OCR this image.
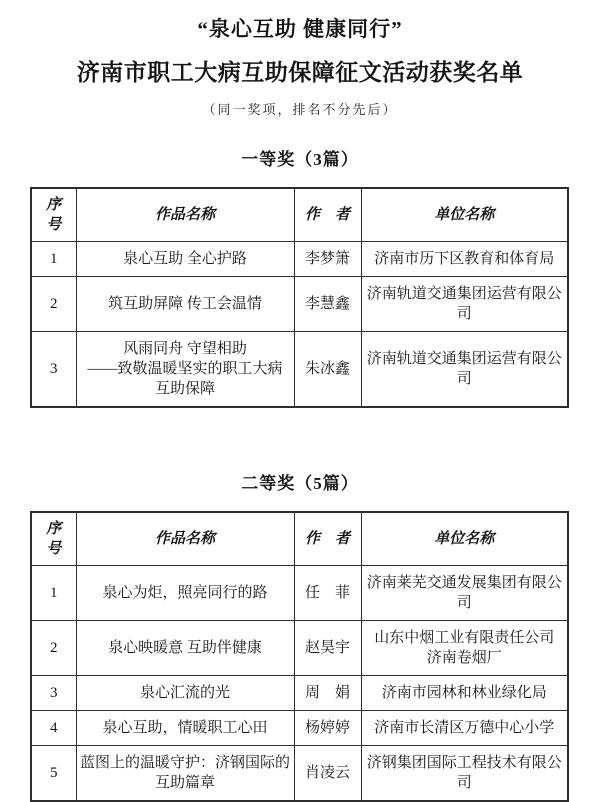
“泉心互助 健康同行”
济南市职工大病互助保障征文活动获奖名单
（同一奖项，排名不分先后）
一等奖（3篇）
序　号	作品名称	作　者	单位名称

1	泉心互助 全心护路	李梦箫	济南市历下区教育和体育局

2	筑互助屏障 传工会温情	李慧鑫	济南轨道交通集团运营有限公司

3	风雨同舟 守望相助
——致敬温暖坚实的职工大病
互助保障	朱冰鑫	济南轨道交通集团运营有限公司
二等奖（5篇）
序　号	作品名称	作　者	单位名称

1	泉心为炬，照亮同行的路	任　菲	济南莱芜交通发展集团有限公司

2	泉心映暖意 互助伴健康	赵昊宇	山东中烟工业有限责任公司
济南卷烟厂

3	泉心汇流的光	周　娟	济南市园林和林业绿化局

4	泉心互助，情暖职工心田	杨婷婷	济南市长清区万德中心小学

5	蓝图上的温暖守护：济钢国际的
互助篇章	肖凌云	济钢集团国际工程技术有限公司
